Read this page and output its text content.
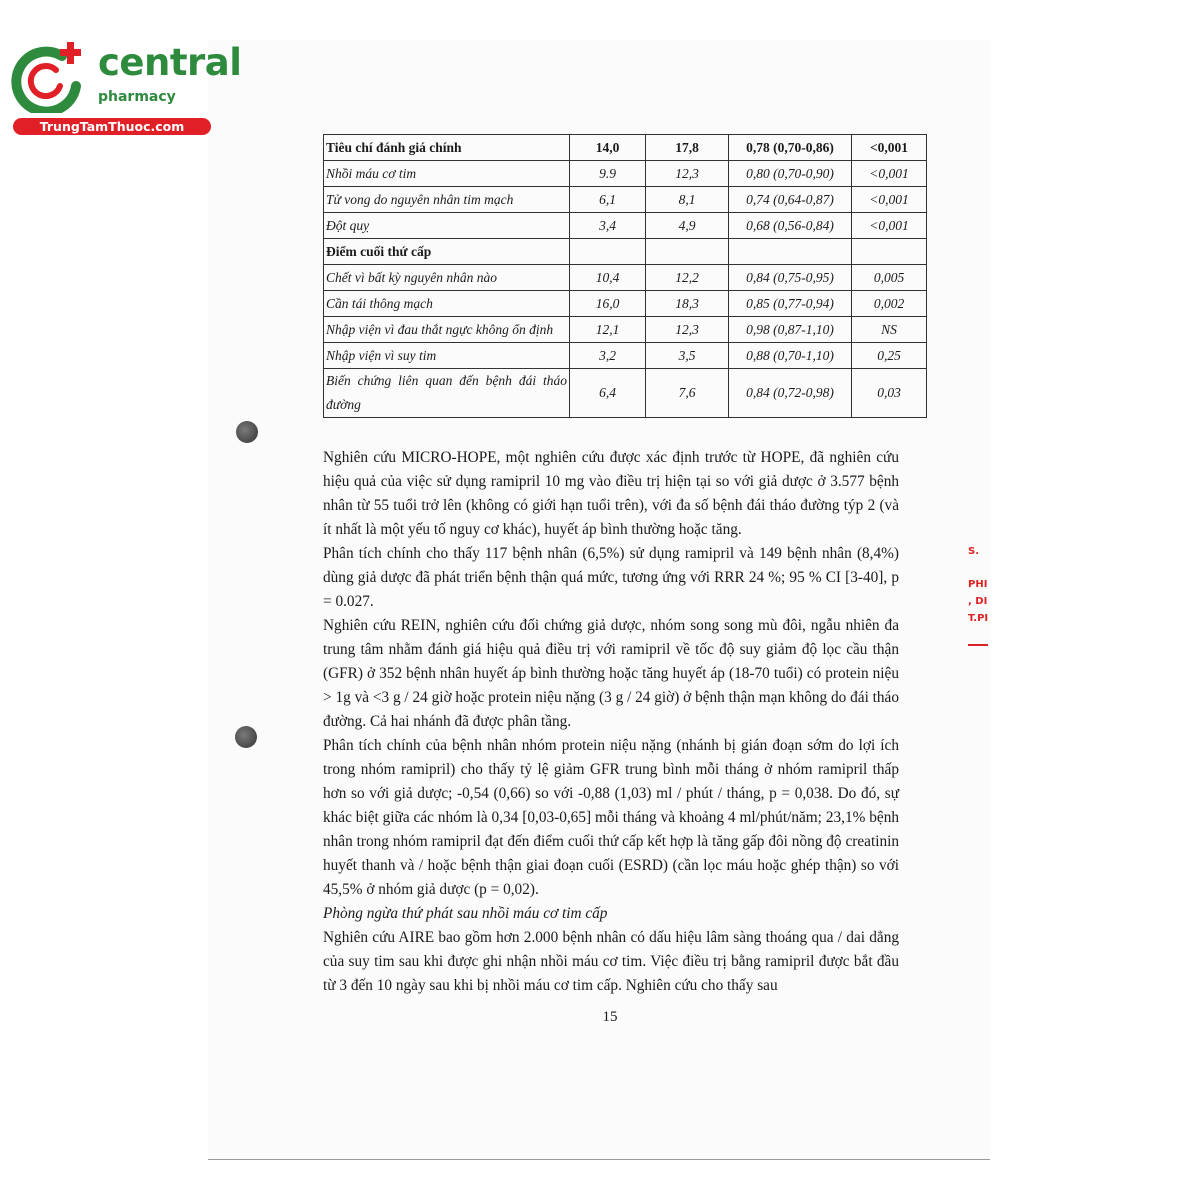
central
pharmacy
TrungTamThuoc.com
Tiêu chí đánh giá chính	14,0	17,8	0,78 (0,70-0,86)	<0,001
Nhồi máu cơ tim	9.9	12,3	0,80 (0,70-0,90)	<0,001
Tử vong do nguyên nhân tim mạch	6,1	8,1	0,74 (0,64-0,87)	<0,001
Đột quỵ	3,4	4,9	0,68 (0,56-0,84)	<0,001
Điểm cuối thứ cấp				
Chết vì bất kỳ nguyên nhân nào	10,4	12,2	0,84 (0,75-0,95)	0,005
Cần tái thông mạch	16,0	18,3	0,85 (0,77-0,94)	0,002
Nhập viện vì đau thắt ngực không ổn định	12,1	12,3	0,98 (0,87-1,10)	NS
Nhập viện vì suy tim	3,2	3,5	0,88 (0,70-1,10)	0,25
Biến chứng liên quan đến bệnh đái tháo đường	6,4	7,6	0,84 (0,72-0,98)	0,03

Nghiên cứu MICRO-HOPE, một nghiên cứu được xác định trước từ HOPE, đã nghiên cứu hiệu quả của việc sử dụng ramipril 10 mg vào điều trị hiện tại so với giả dược ở 3.577 bệnh nhân từ 55 tuổi trở lên (không có giới hạn tuổi trên), với đa số bệnh đái tháo đường týp 2 (và ít nhất là một yếu tố nguy cơ khác), huyết áp bình thường hoặc tăng.

Phân tích chính cho thấy 117 bệnh nhân (6,5%) sử dụng ramipril và 149 bệnh nhân (8,4%) dùng giả dược đã phát triển bệnh thận quá mức, tương ứng với RRR 24 %; 95 % CI [3-40], p = 0.027.

Nghiên cứu REIN, nghiên cứu đối chứng giả dược, nhóm song song mù đôi, ngẫu nhiên đa trung tâm nhằm đánh giá hiệu quả điều trị với ramipril về tốc độ suy giảm độ lọc cầu thận (GFR) ở 352 bệnh nhân huyết áp bình thường hoặc tăng huyết áp (18-70 tuổi) có protein niệu > 1g và <3 g / 24 giờ hoặc protein niệu nặng (3 g / 24 giờ) ở bệnh thận mạn không do đái tháo đường. Cả hai nhánh đã được phân tầng.

Phân tích chính của bệnh nhân nhóm protein niệu nặng (nhánh bị gián đoạn sớm do lợi ích trong nhóm ramipril) cho thấy tỷ lệ giảm GFR trung bình mỗi tháng ở nhóm ramipril thấp hơn so với giả dược; -0,54 (0,66) so với -0,88 (1,03) ml / phút / tháng, p = 0,038. Do đó, sự khác biệt giữa các nhóm là 0,34 [0,03-0,65] mỗi tháng và khoảng 4 ml/phút/năm; 23,1% bệnh nhân trong nhóm ramipril đạt đến điểm cuối thứ cấp kết hợp là tăng gấp đôi nồng độ creatinin huyết thanh và / hoặc bệnh thận giai đoạn cuối (ESRD) (cần lọc máu hoặc ghép thận) so với 45,5% ở nhóm giả dược (p = 0,02).

Phòng ngừa thứ phát sau nhồi máu cơ tim cấp

Nghiên cứu AIRE bao gồm hơn 2.000 bệnh nhân có dấu hiệu lâm sàng thoáng qua / dai dẳng của suy tim sau khi được ghi nhận nhồi máu cơ tim. Việc điều trị bằng ramipril được bắt đầu từ 3 đến 10 ngày sau khi bị nhồi máu cơ tim cấp. Nghiên cứu cho thấy sau

15
S.
PHI
, DI
T.PI
